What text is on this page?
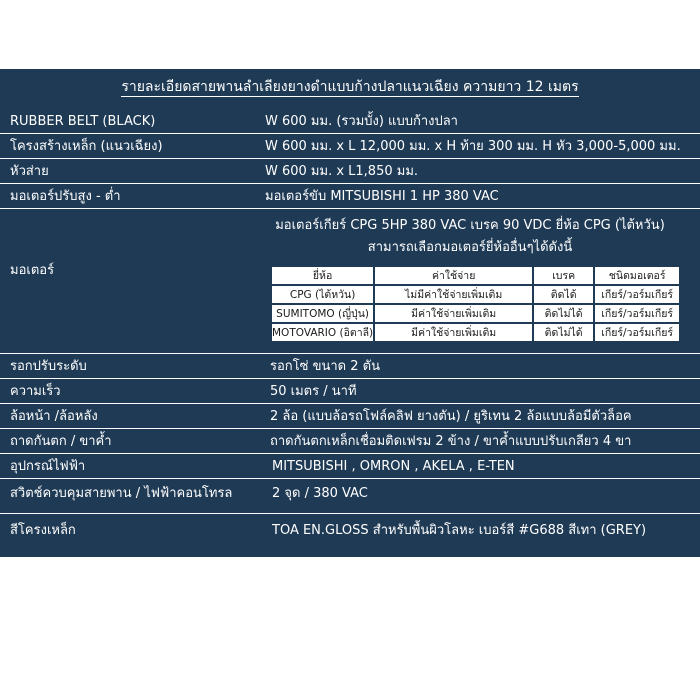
รายละเอียดสายพานลำเลียงยางดำแบบก้างปลาแนวเฉียง ความยาว 12 เมตร
RUBBER BELT (BLACK)	W 600 มม. (รวมบั้ง) แบบก้างปลา
โครงสร้างเหล็ก (แนวเฉียง)	W 600 มม. x L 12,000 มม. x H ท้าย 300 มม. H หัว 3,000-5,000 มม.
หัวส่าย	W 600 มม. x L1,850 มม.
มอเตอร์ปรับสูง - ต่ำ	มอเตอร์ขับ MITSUBISHI 1 HP 380 VAC
มอเตอร์
มอเตอร์เกียร์ CPG 5HP 380 VAC เบรค 90 VDC ยี่ห้อ CPG (ไต้หวัน)
สามารถเลือกมอเตอร์ยี่ห้ออื่นๆได้ดังนี้
ยี่ห้อ	ค่าใช้จ่าย	เบรค	ชนิดมอเตอร์
CPG (ไต้หวัน)	ไม่มีค่าใช้จ่ายเพิ่มเติม	ติดได้	เกียร์/วอร์มเกียร์
SUMITOMO (ญี่ปุ่น)	มีค่าใช้จ่ายเพิ่มเติม	ติดไม่ได้	เกียร์/วอร์มเกียร์
MOTOVARIO (อิตาลี)	มีค่าใช้จ่ายเพิ่มเติม	ติดไม่ได้	เกียร์/วอร์มเกียร์
รอกปรับระดับ	รอกโซ่ ขนาด 2 ตัน
ความเร็ว	50 เมตร / นาที
ล้อหน้า /ล้อหลัง	2 ล้อ (แบบล้อรถโฟล์คลิฟ ยางตัน) / ยูริเทน 2 ล้อแบบล้อมีตัวล็อค
ถาดกันตก / ขาค้ำ	ถาดกันตกเหล็กเชื่อมติดเฟรม 2 ข้าง / ขาค้ำแบบปรับเกลียว 4 ขา
อุปกรณ์ไฟฟ้า	MITSUBISHI , OMRON , AKELA , E-TEN
สวิตช์ควบคุมสายพาน / ไฟฟ้าคอนโทรล	2 จุด / 380 VAC
สีโครงเหล็ก	TOA EN.GLOSS สำหรับพื้นผิวโลหะ เบอร์สี #G688 สีเทา (GREY)
